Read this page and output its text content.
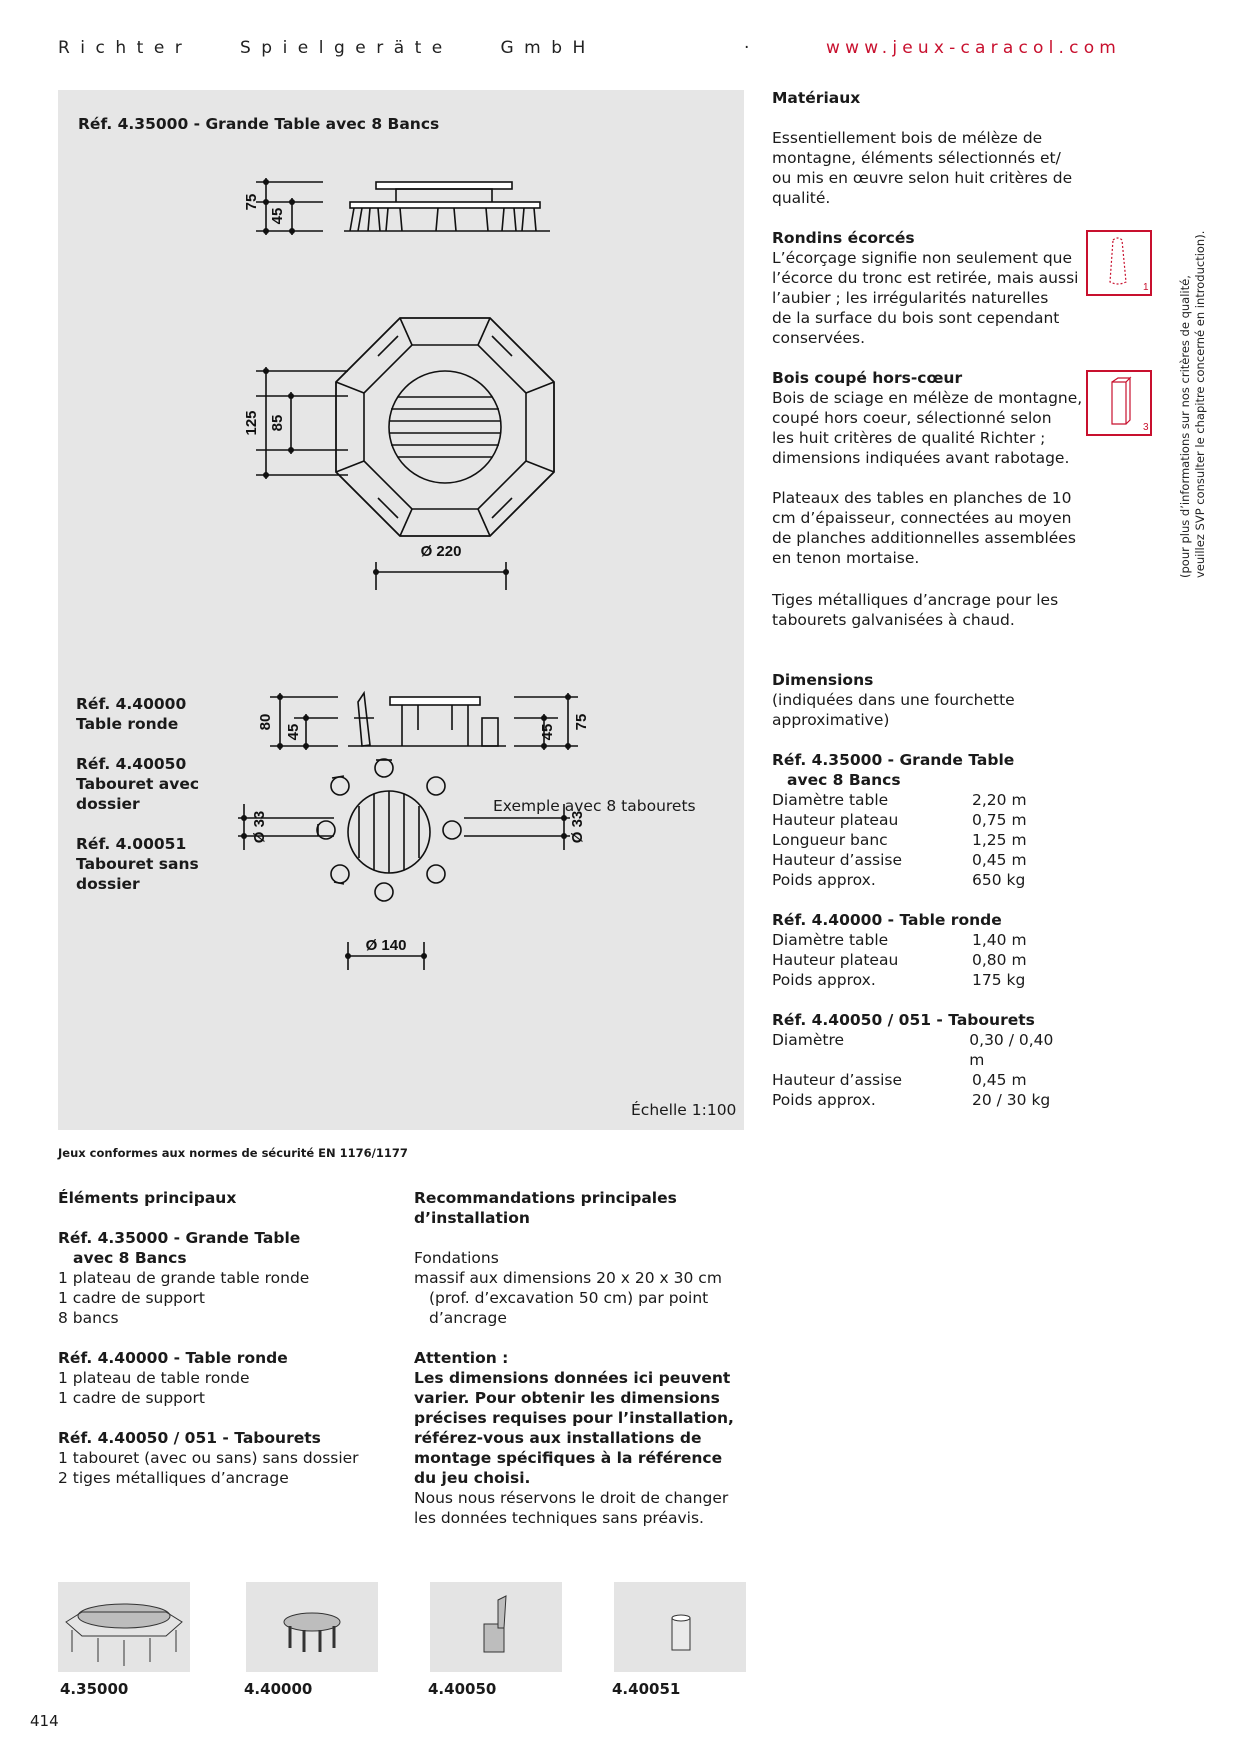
Richter   Spielgeräte   GmbH	·	www.jeux-caracol.com
Réf. 4.35000 - Grande Table avec 8 Bancs
75
45
125 85
Ø 220
80
45	45
75
Ø 33	Ø 33
Ø 140
Réf. 4.40000
Table ronde
Réf. 4.40050
Tabouret avec
dossier
Réf. 4.00051
Tabouret sans
dossier
Exemple avec 8 tabourets
Échelle 1:100
Matériaux
Essentiellement bois de mélèze de
montagne, éléments sélectionnés et/
ou mis en œuvre selon huit critères de
qualité.
Rondins écorcés
L’écorçage signifie non seulement que
l’écorce du tronc est retirée, mais aussi
l’aubier ; les irrégularités naturelles
de la surface du bois sont cependant
conservées.
1
Bois coupé hors-cœur
Bois de sciage en mélèze de montagne,
coupé hors coeur, sélectionné selon
les huit critères de qualité Richter ;
dimensions indiquées avant rabotage.
3
Plateaux des tables en planches de 10
cm d’épaisseur, connectées au moyen
de planches additionnelles assemblées
en tenon mortaise.
Tiges métalliques d’ancrage pour les
tabourets galvanisées à chaud.
(pour plus d’informations sur nos critères de qualité, veuillez SVP consulter le chapitre concerné en introduction).
Dimensions
(indiquées dans une fourchette
approximative)
Réf. 4.35000 - Grande Table
avec 8 Bancs
Diamètre table	2,20 m
Hauteur plateau	0,75 m
Longueur banc	1,25 m
Hauteur d’assise	0,45 m
Poids approx.	650 kg
Réf. 4.40000 - Table ronde
Diamètre table	1,40 m
Hauteur plateau	0,80 m
Poids approx.	175 kg
Réf. 4.40050 / 051 - Tabourets
Diamètre	0,30 / 0,40 m
Hauteur d’assise	0,45 m
Poids approx.	20 / 30 kg
Jeux conformes aux normes de sécurité EN 1176/1177
Éléments principaux
Réf. 4.35000 - Grande Table
avec 8 Bancs
1 plateau de grande table ronde
1 cadre de support
8 bancs
Réf. 4.40000 - Table ronde
1 plateau de table ronde
1 cadre de support
Réf. 4.40050 / 051 - Tabourets
1 tabouret (avec ou sans) sans dossier
2 tiges métalliques d’ancrage
Recommandations principales
d’installation
Fondations
massif aux dimensions 20 x 20 x 30 cm
(prof. d’excavation 50 cm) par point
d’ancrage
Attention :
Les dimensions données ici peuvent
varier. Pour obtenir les dimensions
précises requises pour l’installation,
référez-vous aux installations de
montage spécifiques à la référence
du jeu choisi.
Nous nous réservons le droit de changer
les données techniques sans préavis.
4.35000	4.40000	4.40050	4.40051
414
